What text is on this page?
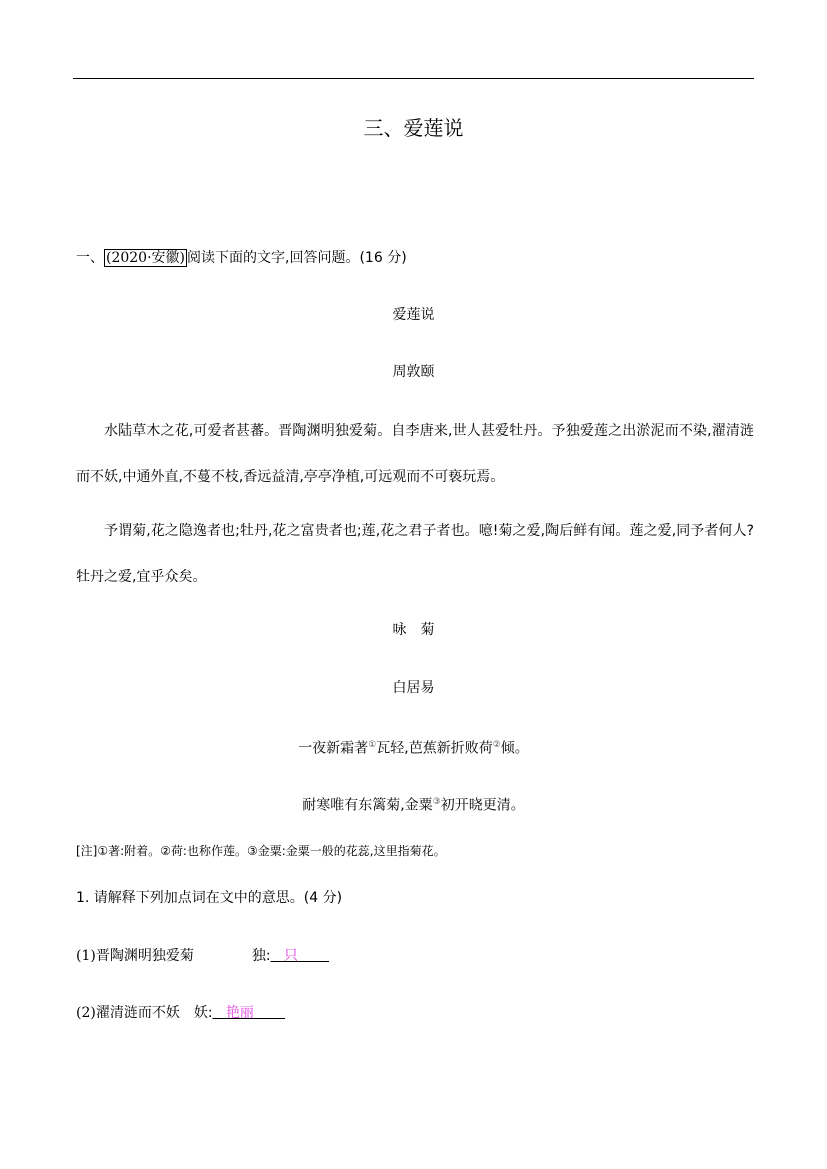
三、爱莲说
一、 (2020·安徽) 阅读下面的文字,回答问题。(16 分)
爱莲说
周敦颐
水陆草木之花,可爱者甚蕃。晋陶渊明独爱菊。自李唐来,世人甚爱牡丹。予独爱莲之出淤泥而不染,濯清涟而不妖,中通外直,不蔓不枝,香远益清,亭亭净植,可远观而不可亵玩焉。
予谓菊,花之隐逸者也;牡丹,花之富贵者也;莲,花之君子者也。噫!菊之爱,陶后鲜有闻。莲之爱,同予者何人?牡丹之爱,宜乎众矣。
咏　菊
白居易
一夜新霜著①瓦轻,芭蕉新折败荷②倾。
耐寒唯有东篱菊,金粟③初开晓更清。
[注]①著:附着。②荷:也称作莲。③金粟:金粟一般的花蕊,这里指菊花。
1. 请解释下列加点词在文中的意思。(4 分)
(1)晋陶渊明独爱菊	独: 只
(2)濯清涟而不妖 妖: 艳丽
